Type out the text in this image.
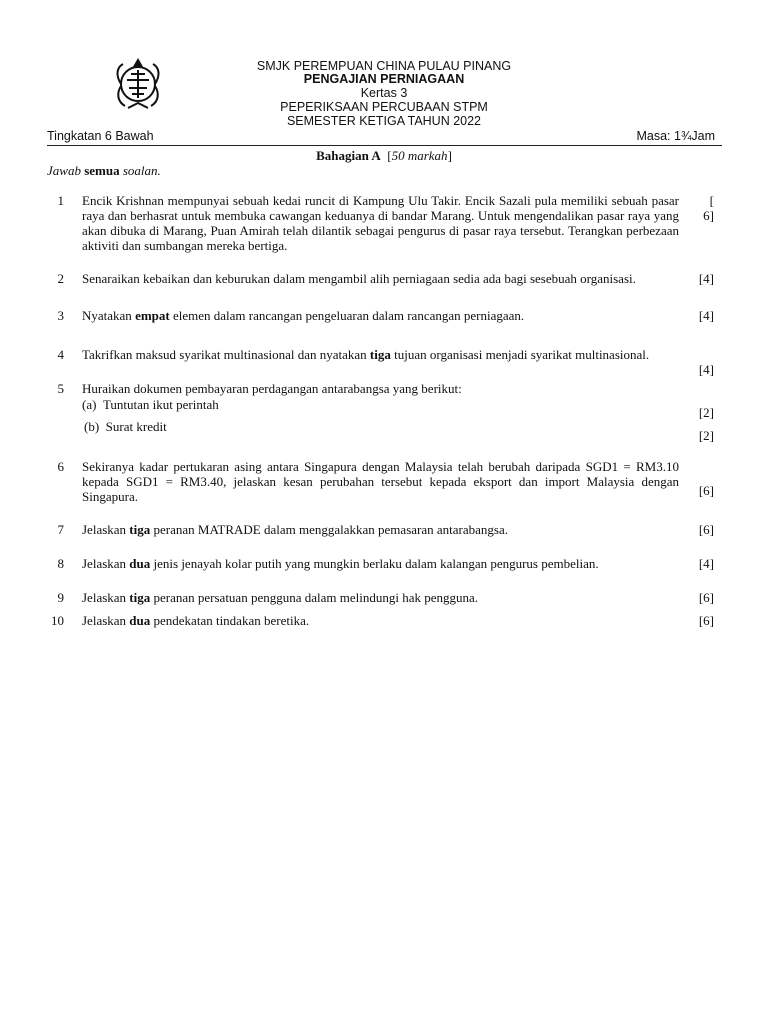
SMJK PEREMPUAN CHINA PULAU PINANG
PENGAJIAN PERNIAGAAN
Kertas 3
PEPERIKSAAN PERCUBAAN STPM
SEMESTER KETIGA TAHUN 2022
Tingkatan 6 Bawah	Masa: 1¾Jam
Bahagian A [50 markah]
Jawab semua soalan.
1 Encik Krishnan mempunyai sebuah kedai runcit di Kampung Ulu Takir. Encik Sazali pula memiliki sebuah pasar raya dan berhasrat untuk membuka cawangan keduanya di bandar Marang. Untuk mengendalikan pasar raya yang akan dibuka di Marang, Puan Amirah telah dilantik sebagai pengurus di pasar raya tersebut. Terangkan perbezaan aktiviti dan sumbangan mereka bertiga.
[
6]
2 Senaraikan kebaikan dan keburukan dalam mengambil alih perniagaan sedia ada bagi sesebuah organisasi.	[4]
3 Nyatakan empat elemen dalam rancangan pengeluaran dalam rancangan perniagaan.	[4]
4 Takrifkan maksud syarikat multinasional dan nyatakan tiga tujuan organisasi menjadi syarikat multinasional.
[4]
5 Huraikan dokumen pembayaran perdagangan antarabangsa yang berikut:
(a) Tuntutan ikut perintah
[2]
(b) Surat kredit
[2]
6 Sekiranya kadar pertukaran asing antara Singapura dengan Malaysia telah berubah daripada SGD1 = RM3.10 kepada SGD1 = RM3.40, jelaskan kesan perubahan tersebut kepada eksport dan import Malaysia dengan Singapura.	[6]
7 Jelaskan tiga peranan MATRADE dalam menggalakkan pemasaran antarabangsa.	[6]
8 Jelaskan dua jenis jenayah kolar putih yang mungkin berlaku dalam kalangan pengurus pembelian.	[4]
9 Jelaskan tiga peranan persatuan pengguna dalam melindungi hak pengguna.	[6]
10 Jelaskan dua pendekatan tindakan beretika.	[6]
